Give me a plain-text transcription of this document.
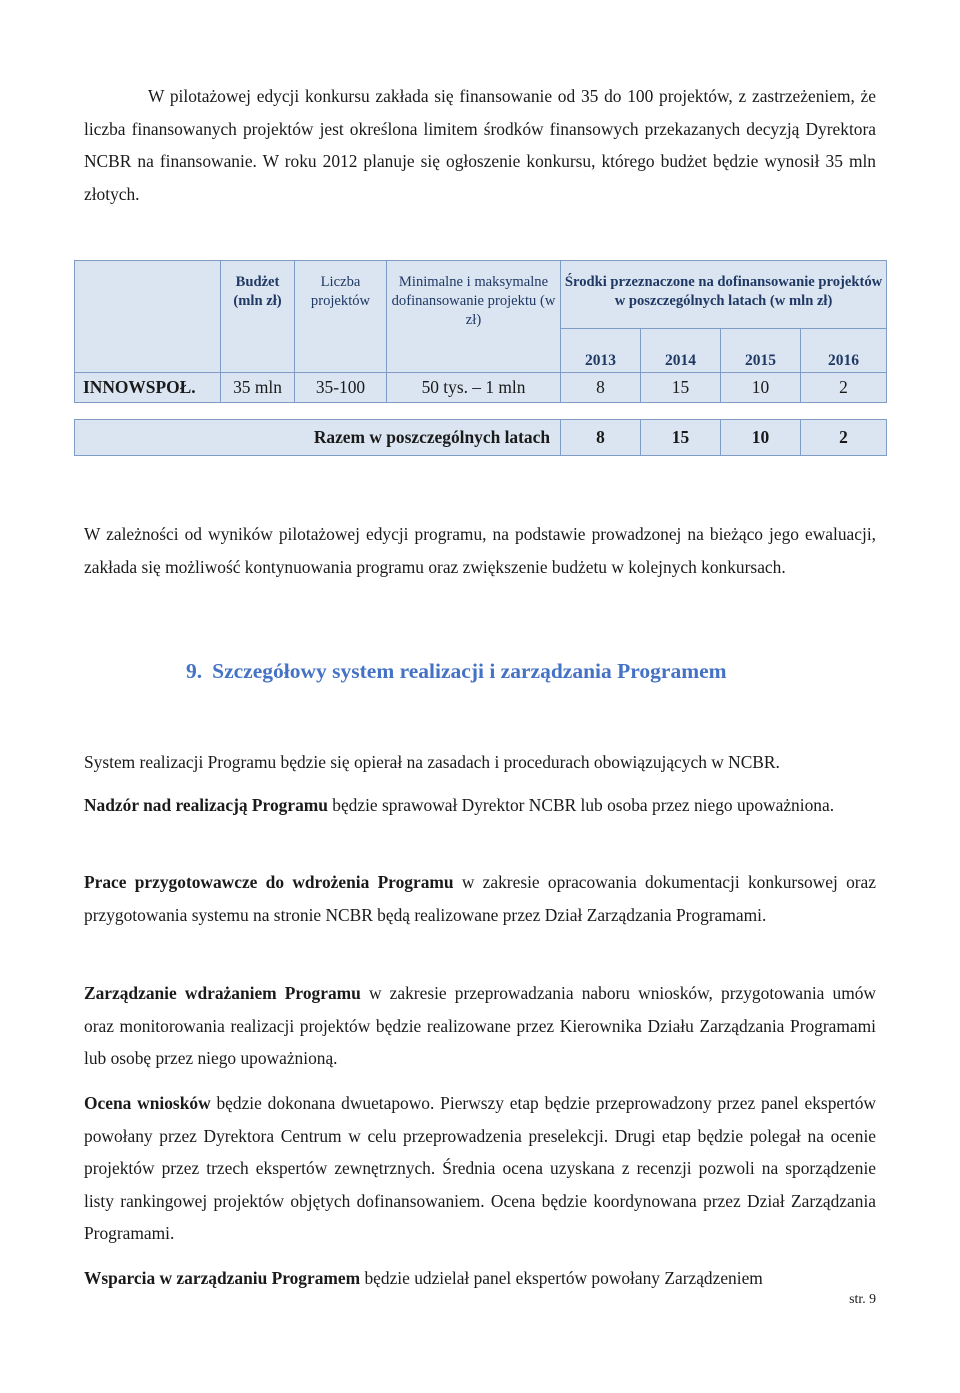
W pilotażowej edycji konkursu zakłada się finansowanie od 35 do 100 projektów, z zastrzeżeniem, że liczba finansowanych projektów jest określona limitem środków finansowych przekazanych decyzją Dyrektora NCBR na finansowanie. W roku 2012 planuje się ogłoszenie konkursu, którego budżet będzie wynosił 35 mln złotych.

	Budżet (mln zł)	Liczba projektów	Minimalne i maksymalne dofinansowanie projektu (w zł)	Środki przeznaczone na dofinansowanie projektów w poszczególnych latach (w mln zł)			
				2013	2014	2015	2016
INNOWSPOŁ.	35 mln	35-100	50 tys. – 1 mln	8	15	10	2

Razem w poszczególnych latach				8	15	10	2

W zależności od wyników pilotażowej edycji programu, na podstawie prowadzonej na bieżąco jego ewaluacji, zakłada się możliwość kontynuowania programu oraz zwiększenie budżetu w kolejnych konkursach.

9. Szczegółowy system realizacji i zarządzania Programem

System realizacji Programu będzie się opierał na zasadach i procedurach obowiązujących w NCBR.

Nadzór nad realizacją Programu będzie sprawował Dyrektor NCBR lub osoba przez niego upoważniona.

Prace przygotowawcze do wdrożenia Programu w zakresie opracowania dokumentacji konkursowej oraz przygotowania systemu na stronie NCBR będą realizowane przez Dział Zarządzania Programami.

Zarządzanie wdrażaniem Programu w zakresie przeprowadzania naboru wniosków, przygotowania umów oraz monitorowania realizacji projektów będzie realizowane przez Kierownika Działu Zarządzania Programami lub osobę przez niego upoważnioną.

Ocena wniosków będzie dokonana dwuetapowo. Pierwszy etap będzie przeprowadzony przez panel ekspertów powołany przez Dyrektora Centrum w celu przeprowadzenia preselekcji. Drugi etap będzie polegał na ocenie projektów przez trzech ekspertów zewnętrznych. Średnia ocena uzyskana z recenzji pozwoli na sporządzenie listy rankingowej projektów objętych dofinansowaniem. Ocena będzie koordynowana przez Dział Zarządzania Programami.

Wsparcia w zarządzaniu Programem będzie udzielał panel ekspertów powołany Zarządzeniem

str. 9
